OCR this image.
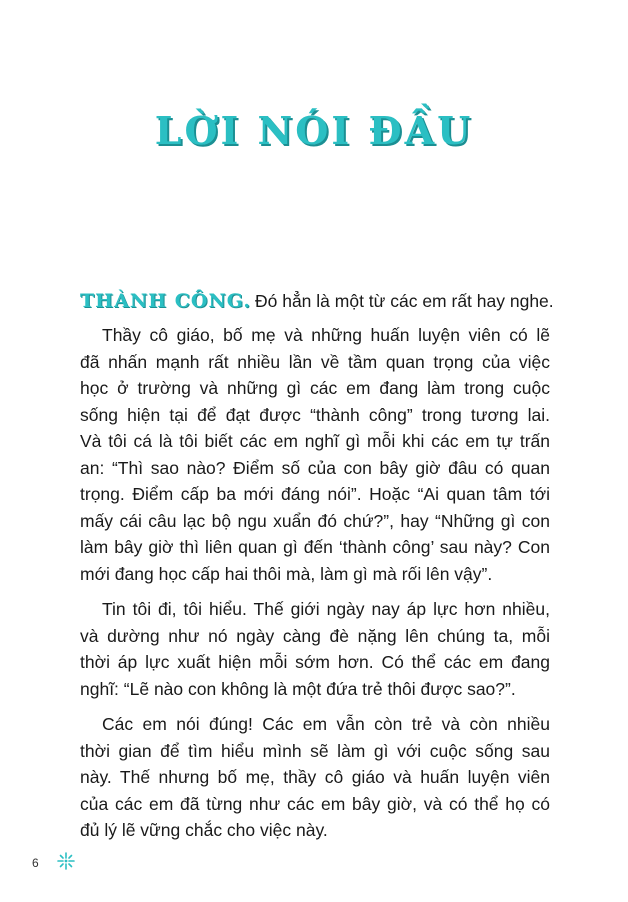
LỜI NÓI ĐẦU
THÀNH CÔNG. Đó hẳn là một từ các em rất hay nghe.
Thầy cô giáo, bố mẹ và những huấn luyện viên có lẽ
đã nhấn mạnh rất nhiều lần về tầm quan trọng của việc
học ở trường và những gì các em đang làm trong cuộc
sống hiện tại để đạt được “thành công” trong tương lai.
Và tôi cá là tôi biết các em nghĩ gì mỗi khi các em tự trấn
an: “Thì sao nào? Điểm số của con bây giờ đâu có quan
trọng. Điểm cấp ba mới đáng nói”. Hoặc “Ai quan tâm tới
mấy cái câu lạc bộ ngu xuẩn đó chứ?”, hay “Những gì con
làm bây giờ thì liên quan gì đến ‘thành công’ sau này? Con
mới đang học cấp hai thôi mà, làm gì mà rối lên vậy”.
Tin tôi đi, tôi hiểu. Thế giới ngày nay áp lực hơn nhiều,
và dường như nó ngày càng đè nặng lên chúng ta, mỗi
thời áp lực xuất hiện mỗi sớm hơn. Có thể các em đang
nghĩ: “Lẽ nào con không là một đứa trẻ thôi được sao?”.
Các em nói đúng! Các em vẫn còn trẻ và còn nhiều
thời gian để tìm hiểu mình sẽ làm gì với cuộc sống sau
này. Thế nhưng bố mẹ, thầy cô giáo và huấn luyện viên
của các em đã từng như các em bây giờ, và có thể họ có
đủ lý lẽ vững chắc cho việc này.
6
